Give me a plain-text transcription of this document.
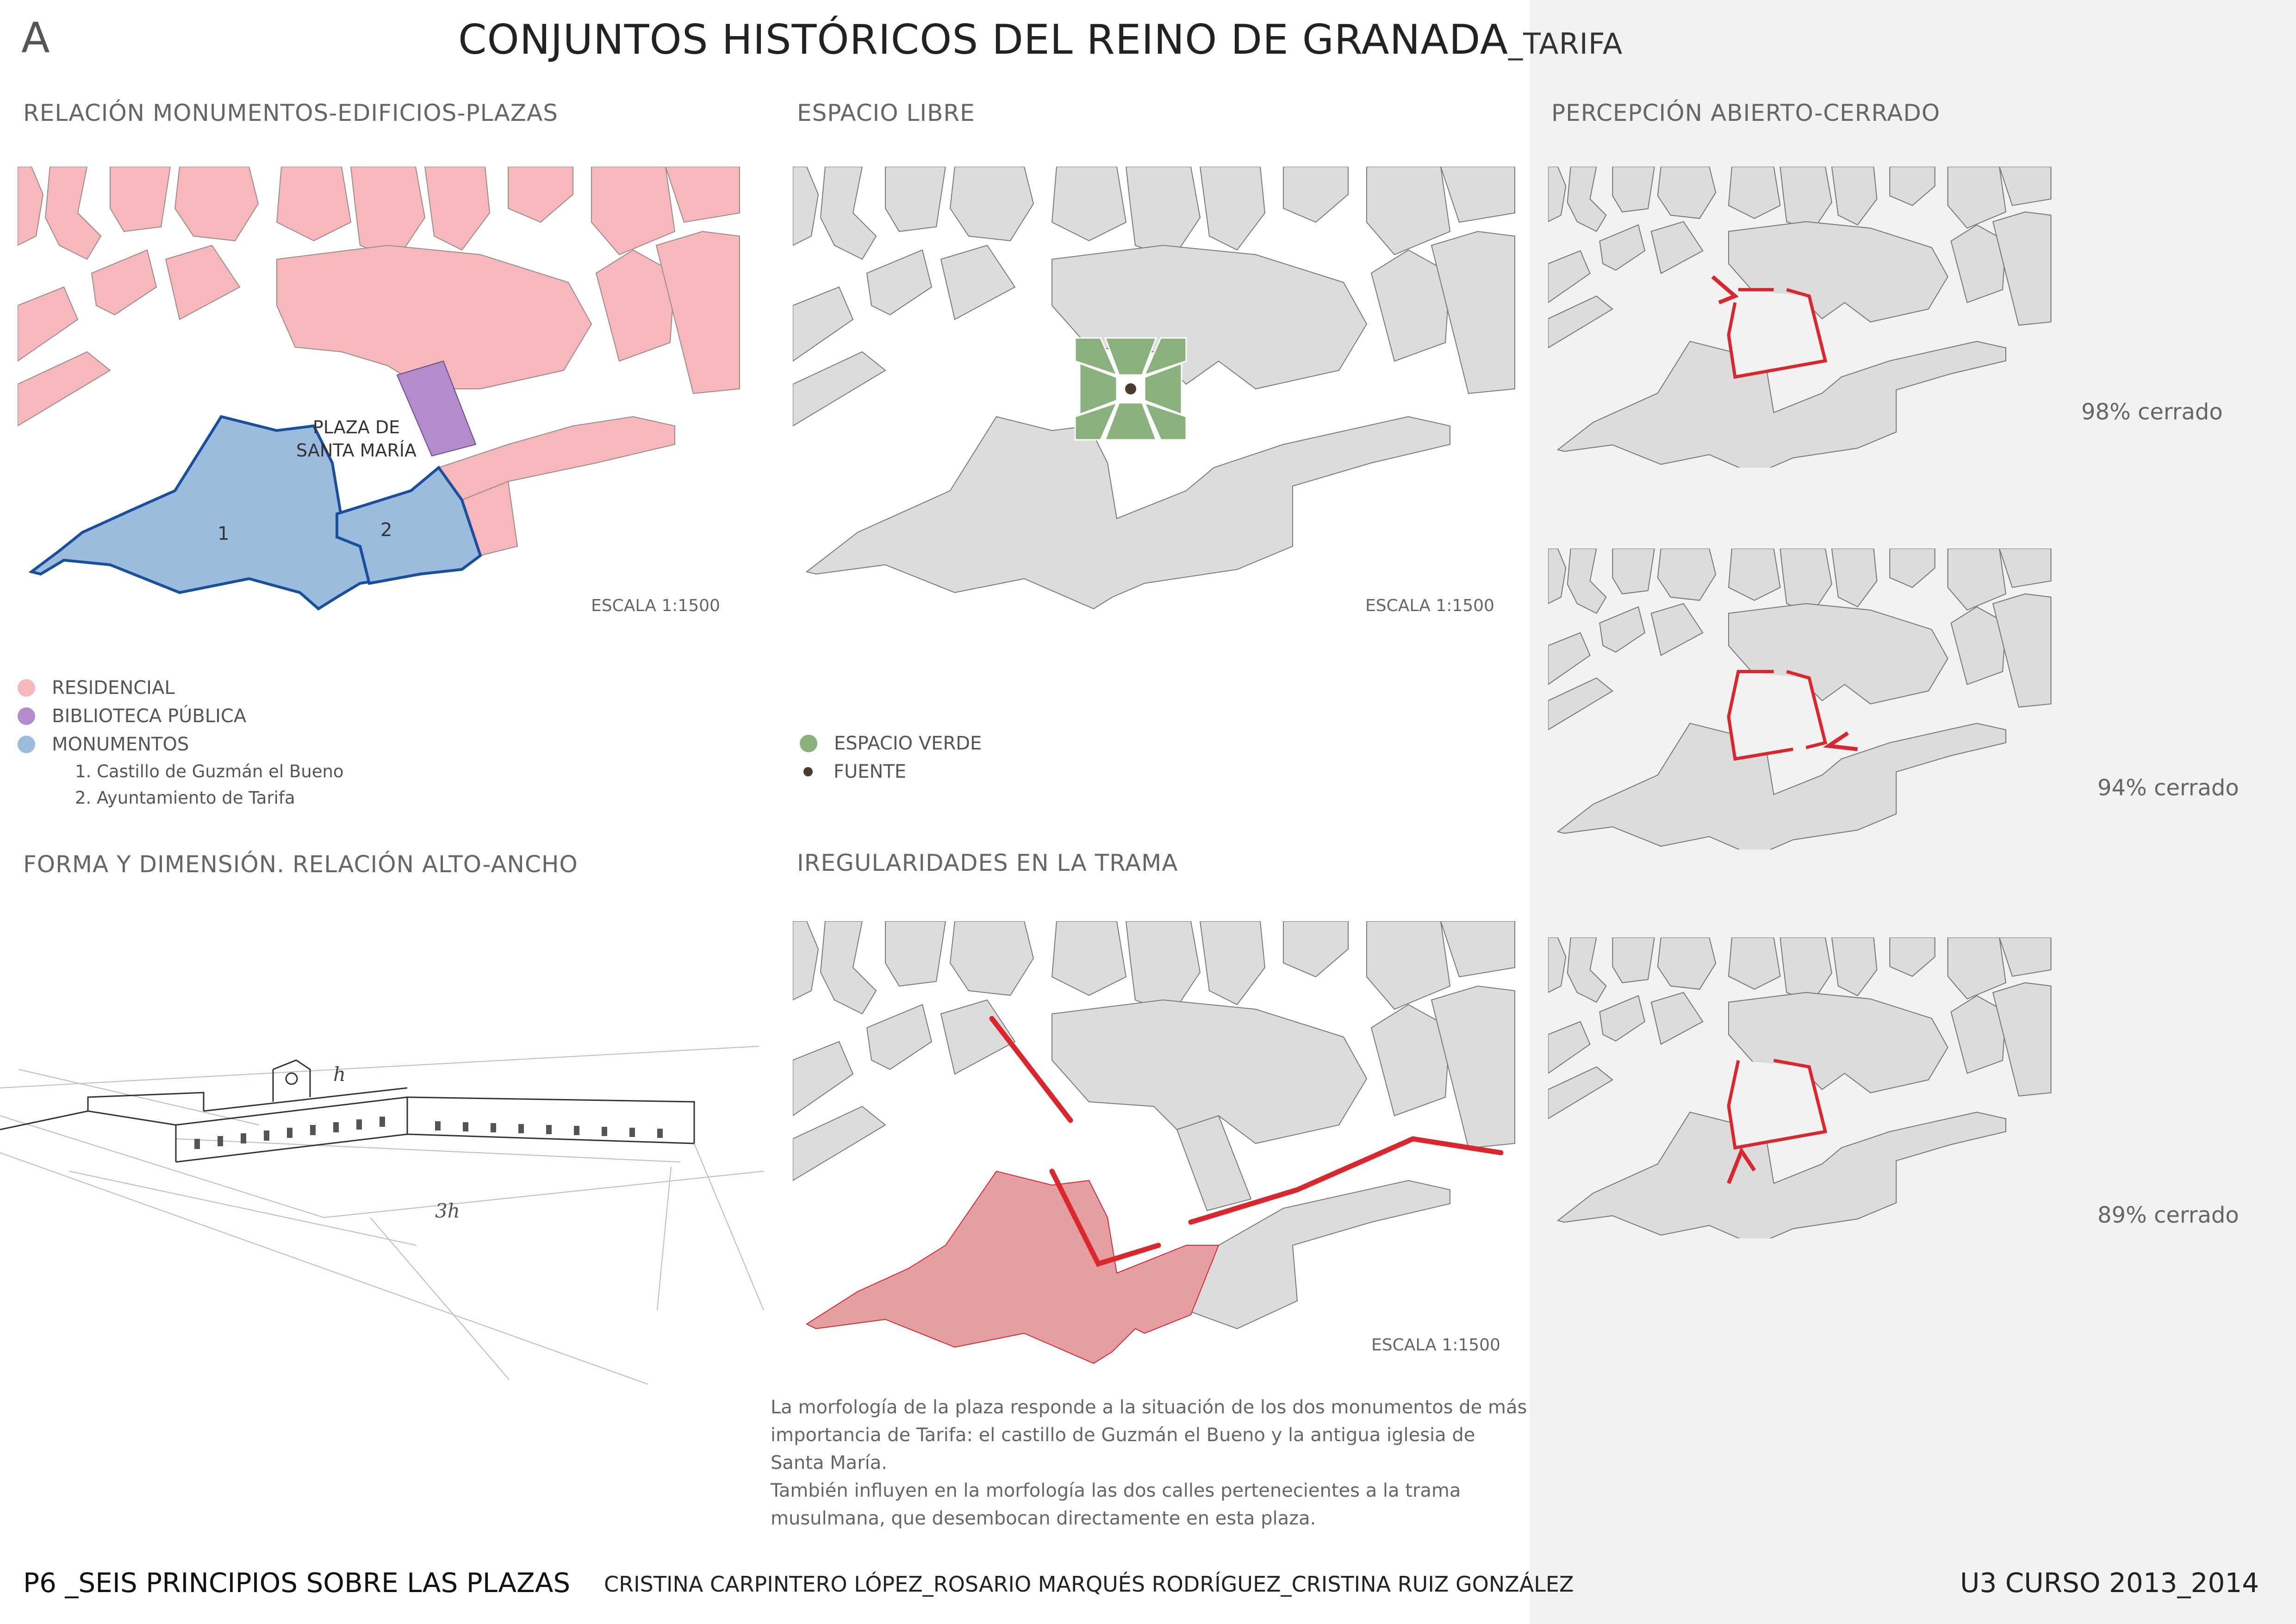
A	CONJUNTOS HISTÓRICOS DEL REINO DE GRANADA_TARIFA
RELACIÓN MONUMENTOS-EDIFICIOS-PLAZAS	ESPACIO LIBRE	PERCEPCIÓN ABIERTO-CERRADO
FORMA Y DIMENSIÓN. RELACIÓN ALTO-ANCHO	IREGULARIDADES EN LA TRAMA
PLAZA DE
SANTA MARÍA
1	2
ESCALA 1:1500
RESIDENCIAL
BIBLIOTECA PÚBLICA
MONUMENTOS
1. Castillo de Guzmán el Bueno
2. Ayuntamiento de Tarifa
ESCALA 1:1500
ESPACIO VERDE
FUENTE
98% cerrado
94% cerrado
89% cerrado
h
3h
ESCALA 1:1500
La morfología de la plaza responde a la situación de los dos monumentos de más importancia de Tarifa: el castillo de Guzmán el Bueno y la antigua iglesia de Santa María.
También influyen en la morfología las dos calles pertenecientes a la trama musulmana, que desembocan directamente en esta plaza.
P6 _SEIS PRINCIPIOS SOBRE LAS PLAZAS CRISTINA CARPINTERO LÓPEZ_ROSARIO MARQUÉS RODRÍGUEZ_CRISTINA RUIZ GONZÁLEZ	U3 CURSO 2013_2014
